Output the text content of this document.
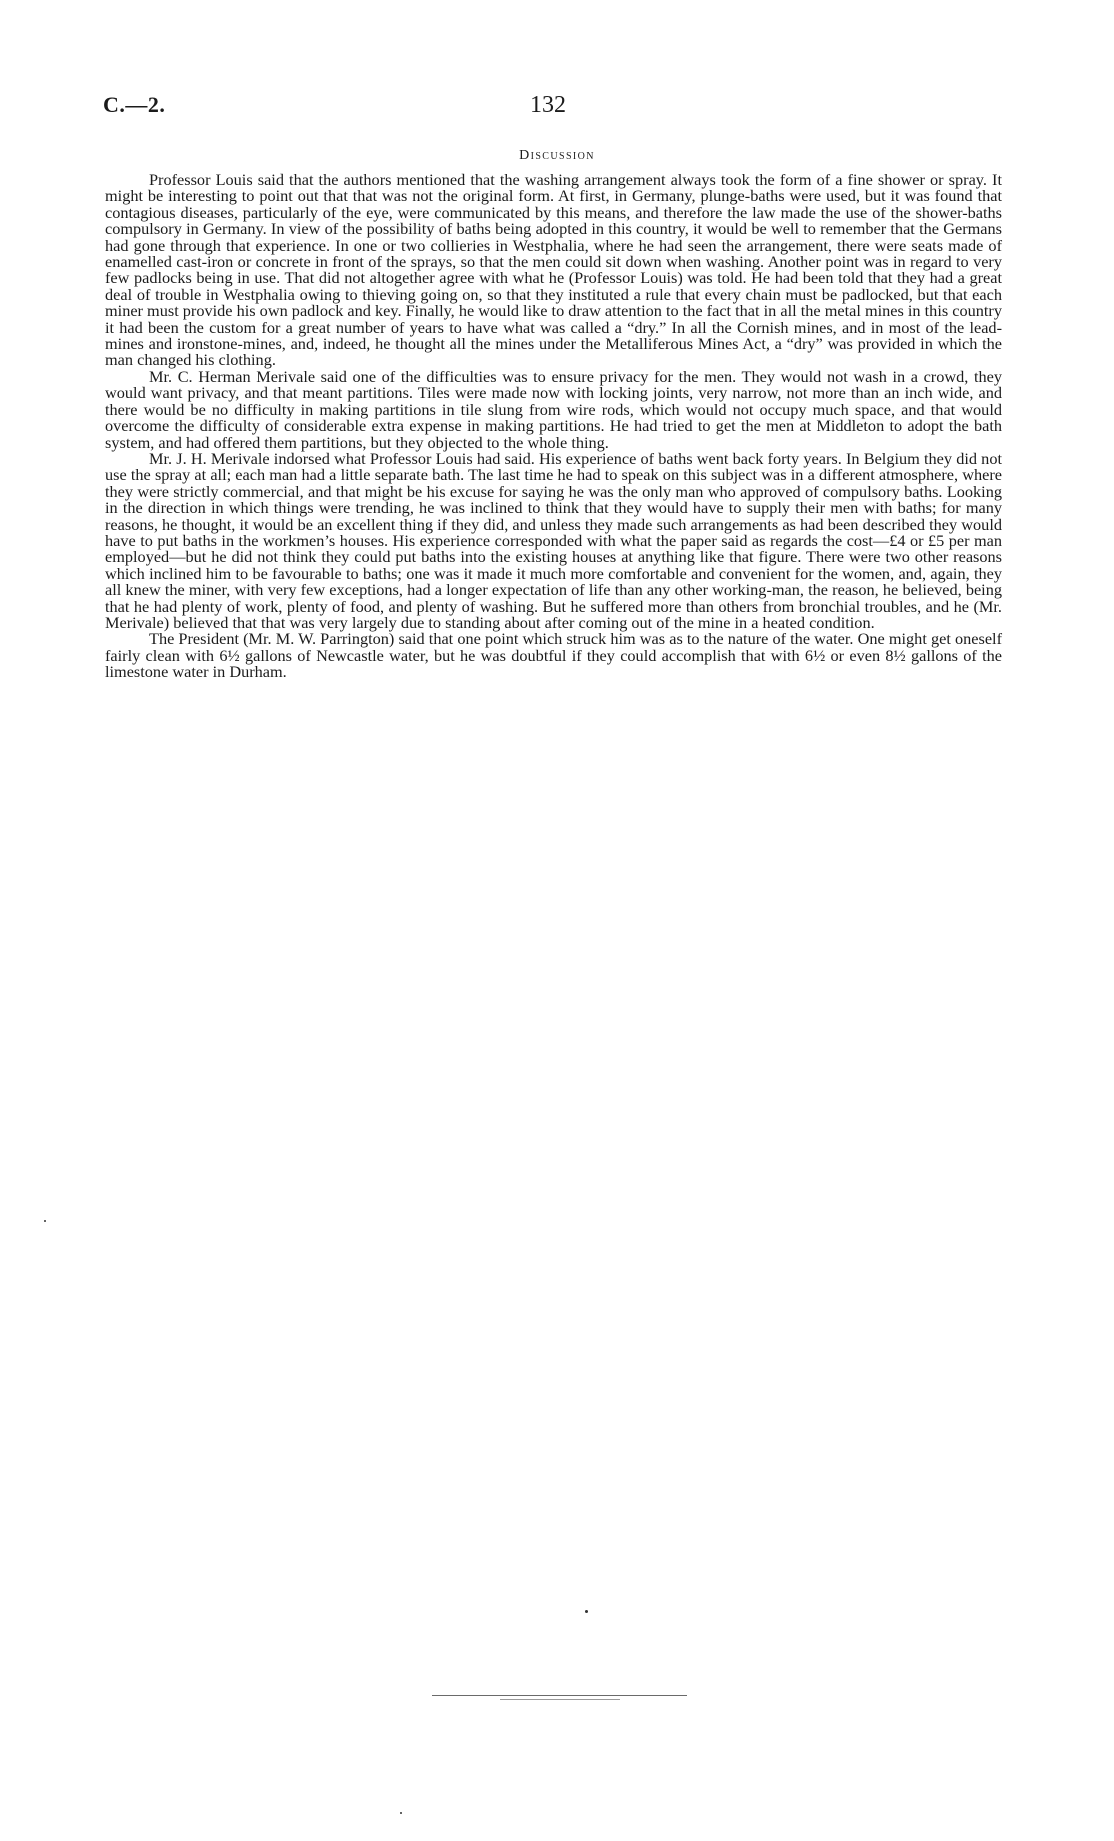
C.—2.	132
Discussion

Professor Louis said that the authors mentioned that the washing arrangement always took the form of a fine shower or spray. It might be interesting to point out that that was not the original form. At first, in Germany, plunge-baths were used, but it was found that contagious diseases, particularly of the eye, were communicated by this means, and therefore the law made the use of the shower-baths compulsory in Germany. In view of the possibility of baths being adopted in this country, it would be well to remember that the Germans had gone through that experience. In one or two collieries in Westphalia, where he had seen the arrangement, there were seats made of enamelled cast-iron or concrete in front of the sprays, so that the men could sit down when washing. Another point was in regard to very few padlocks being in use. That did not altogether agree with what he (Professor Louis) was told. He had been told that they had a great deal of trouble in Westphalia owing to thieving going on, so that they instituted a rule that every chain must be padlocked, but that each miner must provide his own padlock and key. Finally, he would like to draw attention to the fact that in all the metal mines in this country it had been the custom for a great number of years to have what was called a “dry.” In all the Cornish mines, and in most of the lead-mines and ironstone-mines, and, indeed, he thought all the mines under the Metalliferous Mines Act, a “dry” was provided in which the man changed his clothing.

Mr. C. Herman Merivale said one of the difficulties was to ensure privacy for the men. They would not wash in a crowd, they would want privacy, and that meant partitions. Tiles were made now with locking joints, very narrow, not more than an inch wide, and there would be no difficulty in making partitions in tile slung from wire rods, which would not occupy much space, and that would overcome the difficulty of considerable extra expense in making partitions. He had tried to get the men at Middleton to adopt the bath system, and had offered them partitions, but they objected to the whole thing.

Mr. J. H. Merivale indorsed what Professor Louis had said. His experience of baths went back forty years. In Belgium they did not use the spray at all; each man had a little separate bath. The last time he had to speak on this subject was in a different atmosphere, where they were strictly commercial, and that might be his excuse for saying he was the only man who approved of compulsory baths. Looking in the direction in which things were trending, he was inclined to think that they would have to supply their men with baths; for many reasons, he thought, it would be an excellent thing if they did, and unless they made such arrangements as had been described they would have to put baths in the workmen’s houses. His experience corresponded with what the paper said as regards the cost—£4 or £5 per man employed—but he did not think they could put baths into the existing houses at anything like that figure. There were two other reasons which inclined him to be favourable to baths; one was it made it much more comfortable and convenient for the women, and, again, they all knew the miner, with very few exceptions, had a longer expectation of life than any other working-man, the reason, he believed, being that he had plenty of work, plenty of food, and plenty of washing. But he suffered more than others from bronchial troubles, and he (Mr. Merivale) believed that that was very largely due to standing about after coming out of the mine in a heated condition.

The President (Mr. M. W. Parrington) said that one point which struck him was as to the nature of the water. One might get oneself fairly clean with 6½ gallons of Newcastle water, but he was doubtful if they could accomplish that with 6½ or even 8½ gallons of the limestone water in Durham.
